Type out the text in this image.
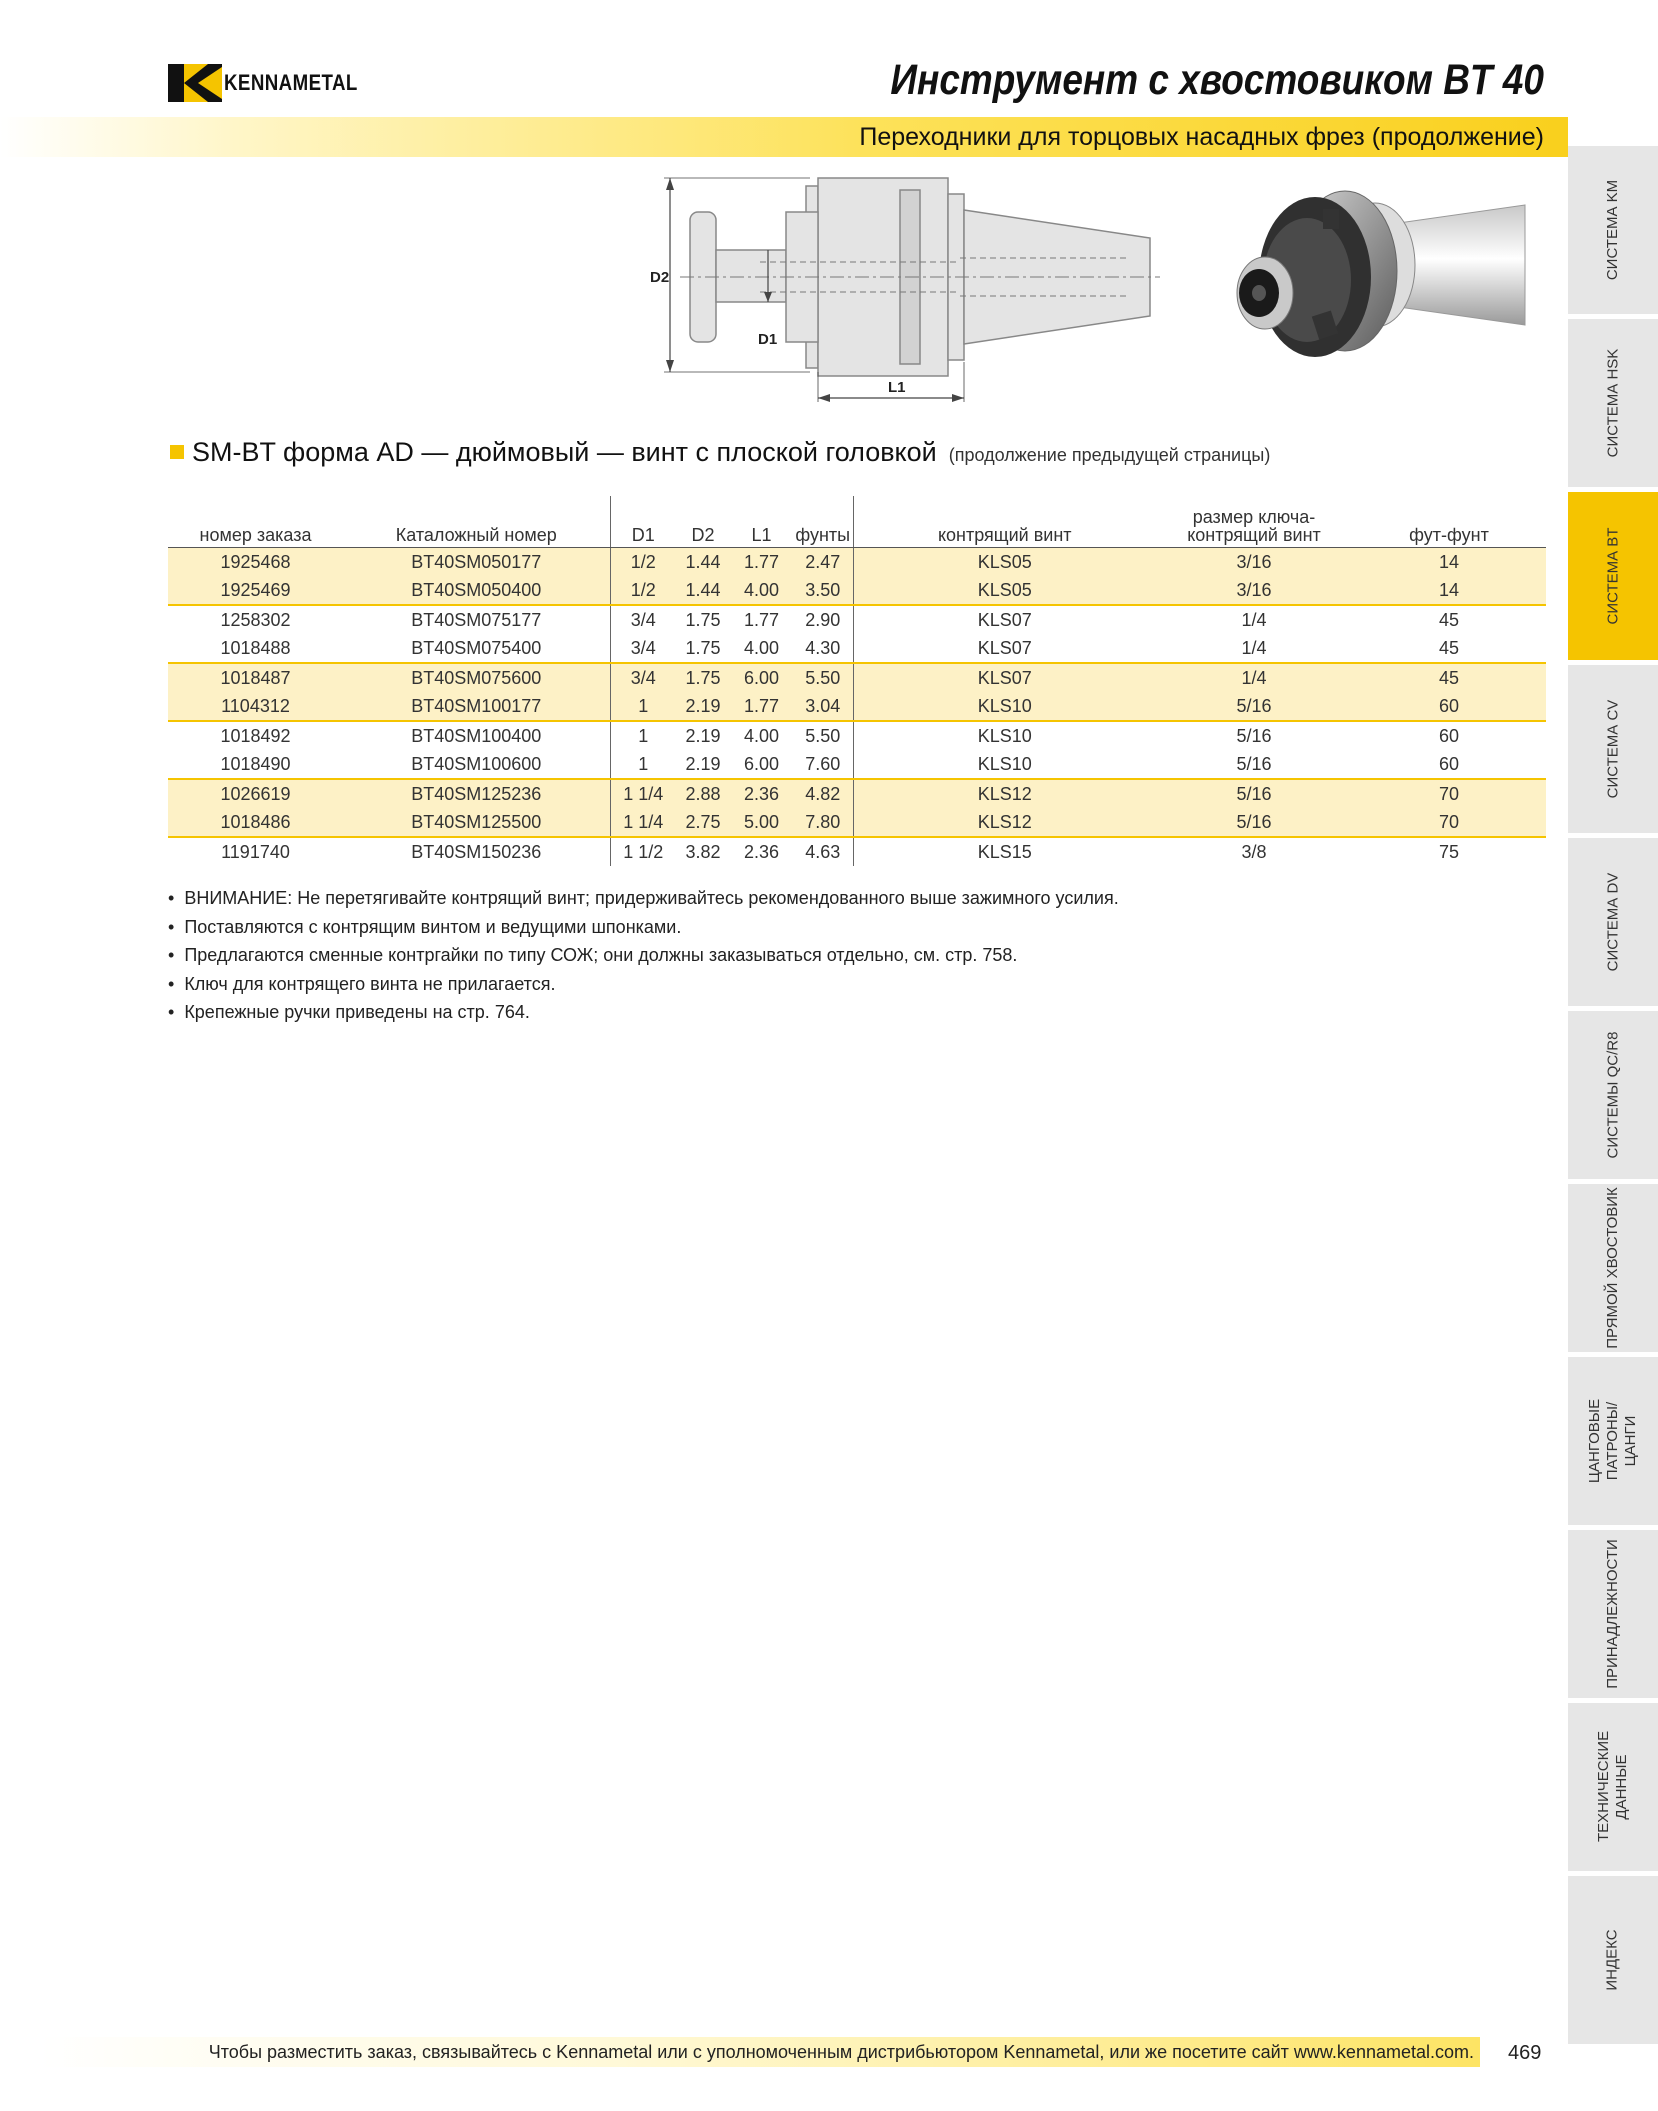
KENNAMETAL	Инструмент с хвостовиком BT 40
Переходники для торцовых насадных фрез (продолжение)
СИСТЕМА KM
СИСТЕМА HSK
СИСТЕМА BT
СИСТЕМА CV
СИСТЕМА DV
СИСТЕМЫ QC/R8
ПРЯМОЙ ХВОСТОВИК
ЦАНГОВЫЕ ПАТРОНЫ/ЦАНГИ
ПРИНАДЛЕЖНОСТИ
ТЕХНИЧЕСКИЕ ДАННЫЕ
ИНДЕКС
D2
D1
L1
SM-BT форма AD — дюймовый — винт с плоской головкой (продолжение предыдущей страницы)
номер заказа	Каталожный номер	D1	D2	L1	фунты	контрящий винт	размер ключа-
контрящий винт	фут-фунт
1925468	BT40SM050177	1/2	1.44	1.77	2.47	KLS05	3/16	14
1925469	BT40SM050400	1/2	1.44	4.00	3.50	KLS05	3/16	14
1258302	BT40SM075177	3/4	1.75	1.77	2.90	KLS07	1/4	45
1018488	BT40SM075400	3/4	1.75	4.00	4.30	KLS07	1/4	45
1018487	BT40SM075600	3/4	1.75	6.00	5.50	KLS07	1/4	45
1104312	BT40SM100177	1	2.19	1.77	3.04	KLS10	5/16	60
1018492	BT40SM100400	1	2.19	4.00	5.50	KLS10	5/16	60
1018490	BT40SM100600	1	2.19	6.00	7.60	KLS10	5/16	60
1026619	BT40SM125236	1 1/4	2.88	2.36	4.82	KLS12	5/16	70
1018486	BT40SM125500	1 1/4	2.75	5.00	7.80	KLS12	5/16	70
1191740	BT40SM150236	1 1/2	3.82	2.36	4.63	KLS15	3/8	75
• ВНИМАНИЕ: Не перетягивайте контрящий винт; придерживайтесь рекомендованного выше зажимного усилия.
• Поставляются с контрящим винтом и ведущими шпонками.
• Предлагаются сменные контргайки по типу СОЖ; они должны заказываться отдельно, см. стр. 758.
• Ключ для контрящего винта не прилагается.
• Крепежные ручки приведены на стр. 764.
Чтобы разместить заказ, связывайтесь с Kennametal или с уполномоченным дистрибьютором Kennametal, или же посетите сайт www.kennametal.com. 469
